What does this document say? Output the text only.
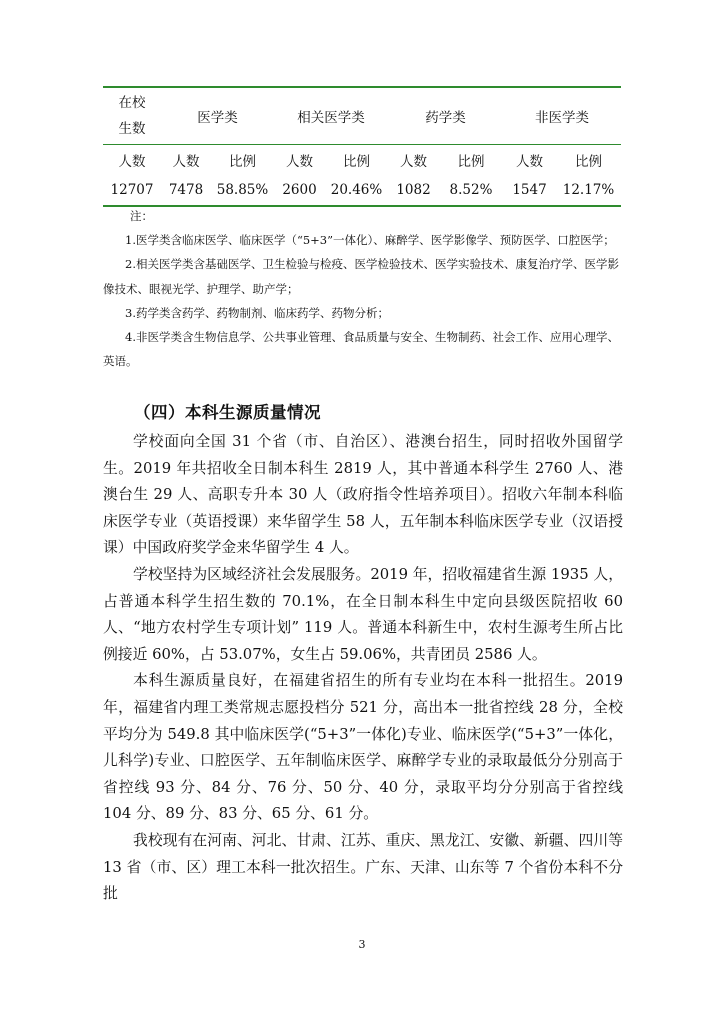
在校
生数	医学类		相关医学类		药学类		非医学类	
人数	人数	比例	人数	比例	人数	比例	人数	比例
12707	7478	58.85%	2600	20.46%	1082	8.52%	1547	12.17%

注：

1.医学类含临床医学、临床医学（“5+3”一体化）、麻醉学、医学影像学、预防医学、口腔医学；

2.相关医学类含基础医学、卫生检验与检疫、医学检验技术、医学实验技术、康复治疗学、医学影像技术、眼视光学、护理学、助产学；

3.药学类含药学、药物制剂、临床药学、药物分析；

4.非医学类含生物信息学、公共事业管理、食品质量与安全、生物制药、社会工作、应用心理学、英语。

（四）本科生源质量情况

学校面向全国 31 个省（市、自治区）、港澳台招生，同时招收外国留学生。2019 年共招收全日制本科生 2819 人，其中普通本科学生 2760 人、港澳台生 29 人、高职专升本 30 人（政府指令性培养项目）。招收六年制本科临床医学专业（英语授课）来华留学生 58 人，五年制本科临床医学专业（汉语授课）中国政府奖学金来华留学生 4 人。

学校坚持为区域经济社会发展服务。2019 年，招收福建省生源 1935 人，占普通本科学生招生数的 70.1%，在全日制本科生中定向县级医院招收 60 人、“地方农村学生专项计划” 119 人。普通本科新生中，农村生源考生所占比例接近 60%，占 53.07%，女生占 59.06%，共青团员 2586 人。

本科生源质量良好，在福建省招生的所有专业均在本科一批招生。2019 年，福建省内理工类常规志愿投档分 521 分，高出本一批省控线 28 分，全校平均分为 549.8 其中临床医学(“5+3”一体化)专业、临床医学(“5+3”一体化，儿科学)专业、口腔医学、五年制临床医学、麻醉学专业的录取最低分分别高于省控线 93 分、84 分、76 分、50 分、40 分，录取平均分分别高于省控线 104 分、89 分、83 分、65 分、61 分。

我校现有在河南、河北、甘肃、江苏、重庆、黑龙江、安徽、新疆、四川等 13 省（市、区）理工本科一批次招生。广东、天津、山东等 7 个省份本科不分批

3
